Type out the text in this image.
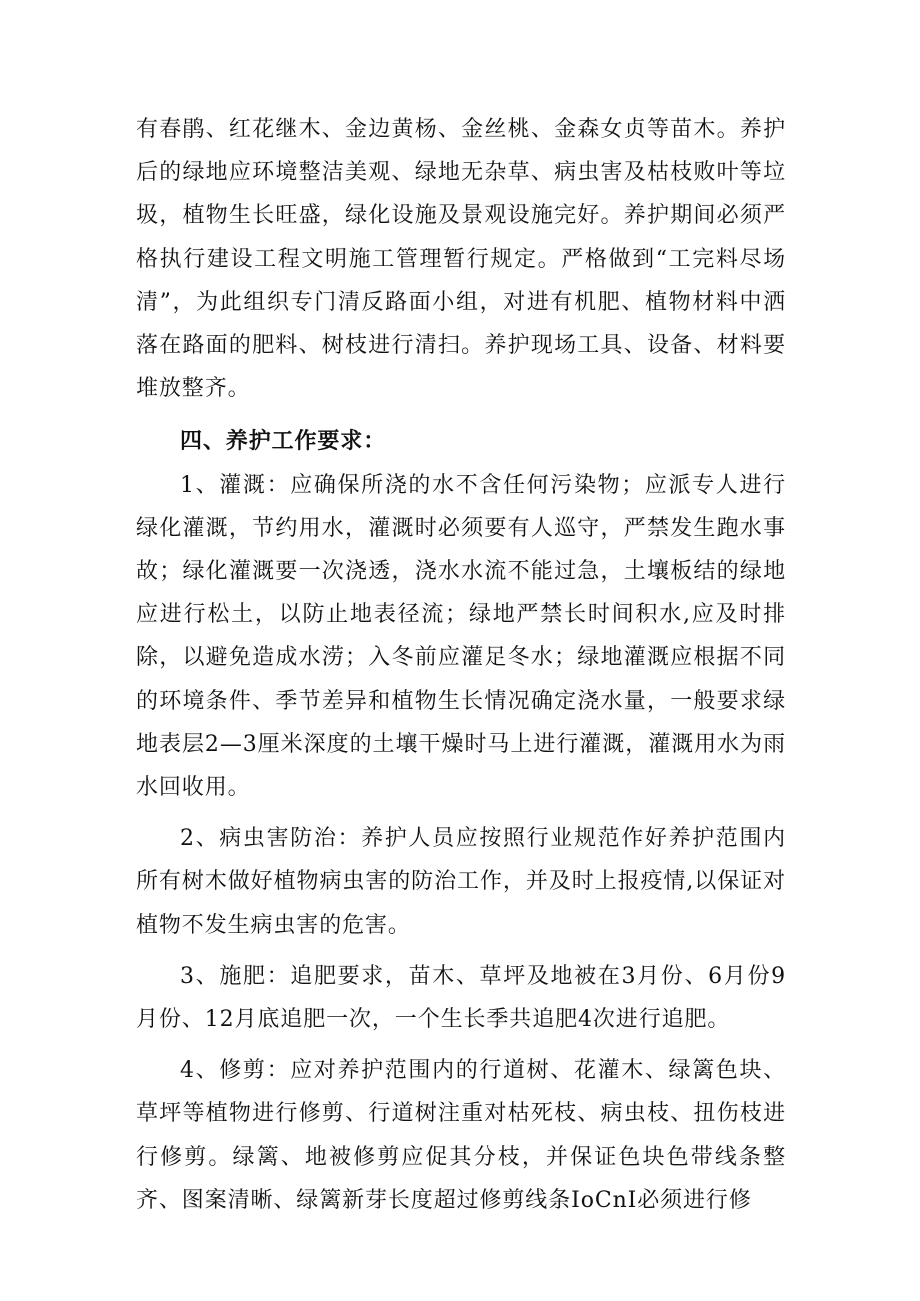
有春鹃、红花继木、金边黄杨、金丝桃、金森女贞等苗木。养护后的绿地应环境整洁美观、绿地无杂草、病虫害及枯枝败叶等垃圾，植物生长旺盛，绿化设施及景观设施完好。养护期间必须严格执行建设工程文明施工管理暂行规定。严格做到“工完料尽场清”，为此组织专门清反路面小组，对进有机肥、植物材料中洒落在路面的肥料、树枝进行清扫。养护现场工具、设备、材料要堆放整齐。

四、养护工作要求：

1、灌溉：应确保所浇的水不含任何污染物；应派专人进行绿化灌溉，节约用水，灌溉时必须要有人巡守，严禁发生跑水事故；绿化灌溉要一次浇透，浇水水流不能过急，土壤板结的绿地应进行松土，以防止地表径流；绿地严禁长时间积水,应及时排除，以避免造成水涝；入冬前应灌足冬水；绿地灌溉应根据不同的环境条件、季节差异和植物生长情况确定浇水量，一般要求绿地表层2—3厘米深度的土壤干燥时马上进行灌溉，灌溉用水为雨水回收用。

2、病虫害防治：养护人员应按照行业规范作好养护范围内所有树木做好植物病虫害的防治工作，并及时上报疫情,以保证对植物不发生病虫害的危害。

3、施肥：追肥要求，苗木、草坪及地被在3月份、6月份9月份、12月底追肥一次，一个生长季共追肥4次进行追肥。

4、修剪：应对养护范围内的行道树、花灌木、绿篱色块、草坪等植物进行修剪、行道树注重对枯死枝、病虫枝、扭伤枝进行修剪。绿篱、地被修剪应促其分枝，并保证色块色带线条整齐、图案清晰、绿篱新芽长度超过修剪线条IoCnI必须进行修
